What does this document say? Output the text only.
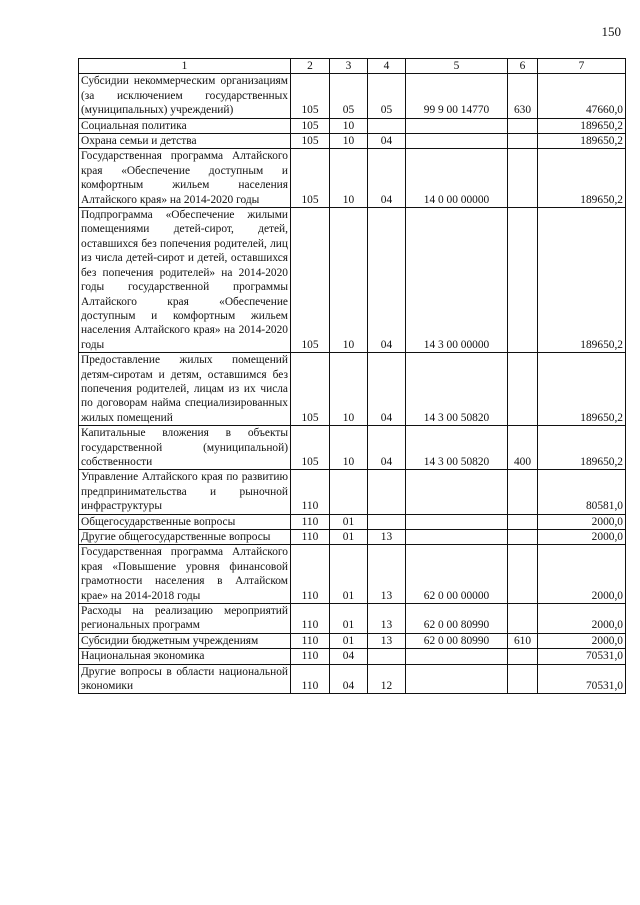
150
1	2	3	4	5	6	7
Субсидии некоммерческим организациям (за исключением государственных (муниципальных) учреждений)	105	05	05	99 9 00 14770	630	47660,0
Социальная политика	105	10				189650,2
Охрана семьи и детства	105	10	04			189650,2
Государственная программа Алтайского края «Обеспечение доступным и комфортным жильем населения Алтайского края» на 2014-2020 годы	105	10	04	14 0 00 00000		189650,2
Подпрограмма «Обеспечение жилыми помещениями детей-сирот, детей, оставшихся без попечения родителей, лиц из числа детей-сирот и детей, оставшихся без попечения родителей» на 2014-2020 годы государственной программы Алтайского края «Обеспечение доступным и комфортным жильем населения Алтайского края» на 2014-2020 годы	105	10	04	14 3 00 00000		189650,2
Предоставление жилых помещений детям-сиротам и детям, оставшимся без попечения родителей, лицам из их числа по договорам найма специализированных жилых помещений	105	10	04	14 3 00 50820		189650,2
Капитальные вложения в объекты государственной (муниципальной) собственности	105	10	04	14 3 00 50820	400	189650,2
Управление Алтайского края по развитию предпринимательства и рыночной инфраструктуры	110					80581,0
Общегосударственные вопросы	110	01				2000,0
Другие общегосударственные вопросы	110	01	13			2000,0
Государственная программа Алтайского края «Повышение уровня финансовой грамотности населения в Алтайском крае» на 2014-2018 годы	110	01	13	62 0 00 00000		2000,0
Расходы на реализацию мероприятий региональных программ	110	01	13	62 0 00 80990		2000,0
Субсидии бюджетным учреждениям	110	01	13	62 0 00 80990	610	2000,0
Национальная экономика	110	04				70531,0
Другие вопросы в области национальной экономики	110	04	12			70531,0
